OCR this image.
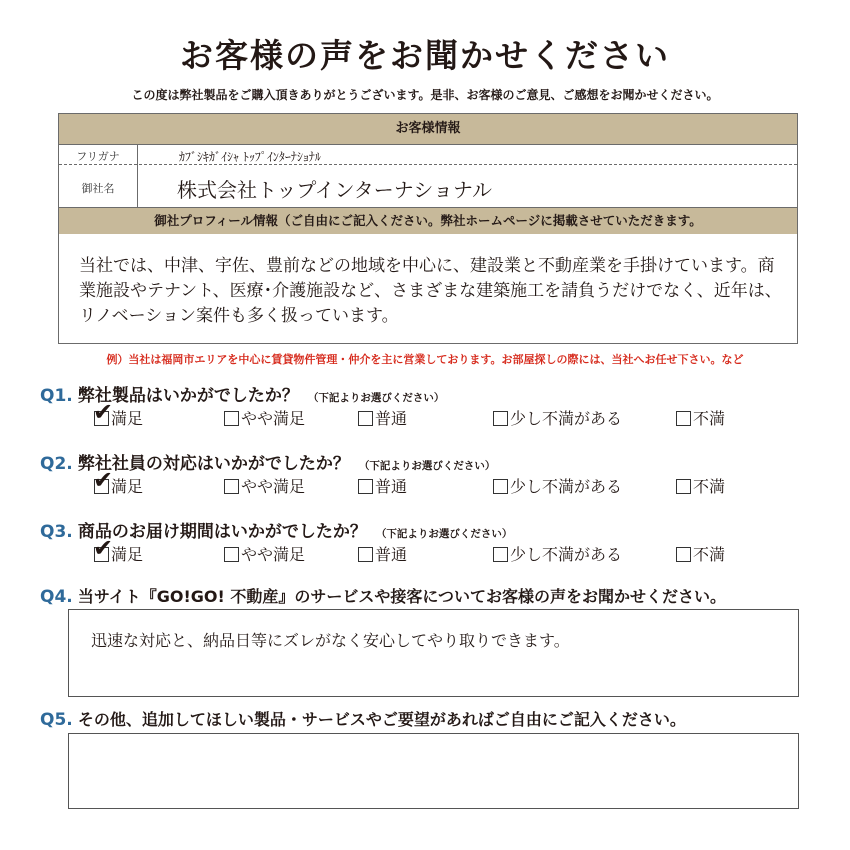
お客様の声をお聞かせください
この度は弊社製品をご購入頂きありがとうございます。是非、お客様のご意見、ご感想をお聞かせください。
お客様情報
フリガナ	ｶﾌﾞｼｷｶﾞｲｼｬ ﾄｯﾌﾟｲﾝﾀｰﾅｼｮﾅﾙ
御社名	株式会社トップインターナショナル
御社プロフィール情報（ご自由にご記入ください。弊社ホームページに掲載させていただきます。
当社では、中津、宇佐、豊前などの地域を中心に、建設業と不動産業を手掛けています。商業施設やテナント、医療･介護施設など、さまざまな建築施工を請負うだけでなく、近年は、リノベーション案件も多く扱っています。
例）当社は福岡市エリアを中心に賃貸物件管理・仲介を主に営業しております。お部屋探しの際には、当社へお任せ下さい。など
Q1. 弊社製品はいかがでしたか？ （下記よりお選びください）
✔
満足	やや満足	普通	少し不満がある	不満
Q2. 弊社社員の対応はいかがでしたか？ （下記よりお選びください）
✔
満足	やや満足	普通	少し不満がある	不満
Q3. 商品のお届け期間はいかがでしたか？ （下記よりお選びください）
✔
満足	やや満足	普通	少し不満がある	不満
Q4. 当サイト『GO!GO! 不動産』のサービスや接客についてお客様の声をお聞かせください。
迅速な対応と、納品日等にズレがなく安心してやり取りできます。
Q5. その他、追加してほしい製品・サービスやご要望があればご自由にご記入ください。
